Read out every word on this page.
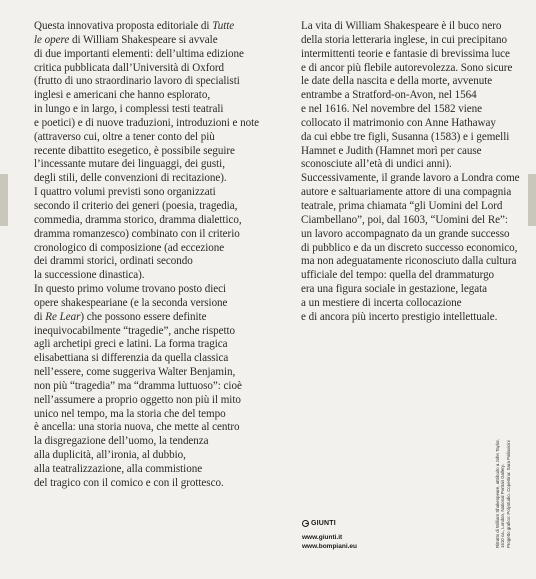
Questa innovativa proposta editoriale di Tutte
le opere di William Shakespeare si avvale
di due importanti elementi: dell’ultima edizione
critica pubblicata dall’Università di Oxford
(frutto di uno straordinario lavoro di specialisti
inglesi e americani che hanno esplorato,
in lungo e in largo, i complessi testi teatrali
e poetici) e di nuove traduzioni, introduzioni e note
(attraverso cui, oltre a tener conto del più
recente dibattito esegetico, è possibile seguire
l’incessante mutare dei linguaggi, dei gusti,
degli stili, delle convenzioni di recitazione).

I quattro volumi previsti sono organizzati
secondo il criterio dei generi (poesia, tragedia,
commedia, dramma storico, dramma dialettico,
dramma romanzesco) combinato con il criterio
cronologico di composizione (ad eccezione
dei drammi storici, ordinati secondo
la successione dinastica).

In questo primo volume trovano posto dieci
opere shakespeariane (e la seconda versione
di Re Lear) che possono essere definite
inequivocabilmente “tragedie”, anche rispetto
agli archetipi greci e latini. La forma tragica
elisabettiana si differenzia da quella classica
nell’essere, come suggeriva Walter Benjamin,
non più “tragedia” ma “dramma luttuoso”: cioè
nell’assumere a proprio oggetto non più il mito
unico nel tempo, ma la storia che del tempo
è ancella: una storia nuova, che mette al centro
la disgregazione dell’uomo, la tendenza
alla duplicità, all’ironia, al dubbio,
alla teatralizzazione, alla commistione
del tragico con il comico e con il grottesco.

La vita di William Shakespeare è il buco nero
della storia letteraria inglese, in cui precipitano
intermittenti teorie e fantasie di brevissima luce
e di ancor più flebile autorevolezza. Sono sicure
le date della nascita e della morte, avvenute
entrambe a Stratford-on-Avon, nel 1564
e nel 1616. Nel novembre del 1582 viene
collocato il matrimonio con Anne Hathaway
da cui ebbe tre figli, Susanna (1583) e i gemelli
Hamnet e Judith (Hamnet morì per cause
sconosciute all’età di undici anni).

Successivamente, il grande lavoro a Londra come
autore e saltuariamente attore di una compagnia
teatrale, prima chiamata “gli Uomini del Lord
Ciambellano”, poi, dal 1603, “Uomini del Re”:
un lavoro accompagnato da un grande successo
di pubblico e da un discreto successo economico,
ma non adeguatamente riconosciuto dalla cultura
ufficiale del tempo: quella del drammaturgo
era una figura sociale in gestazione, legata
a un mestiere di incerta collocazione
e di ancora più incerto prestigio intellettuale.

GIUNTI
www.giunti.it
www.bompiani.eu	Ritratto di William Shakespeare, attribuito a John Taylor, 1610 ca., London, National Portrait Gallery. Progetto grafico: Polystudio. Copertina: Sara Pallavicini
